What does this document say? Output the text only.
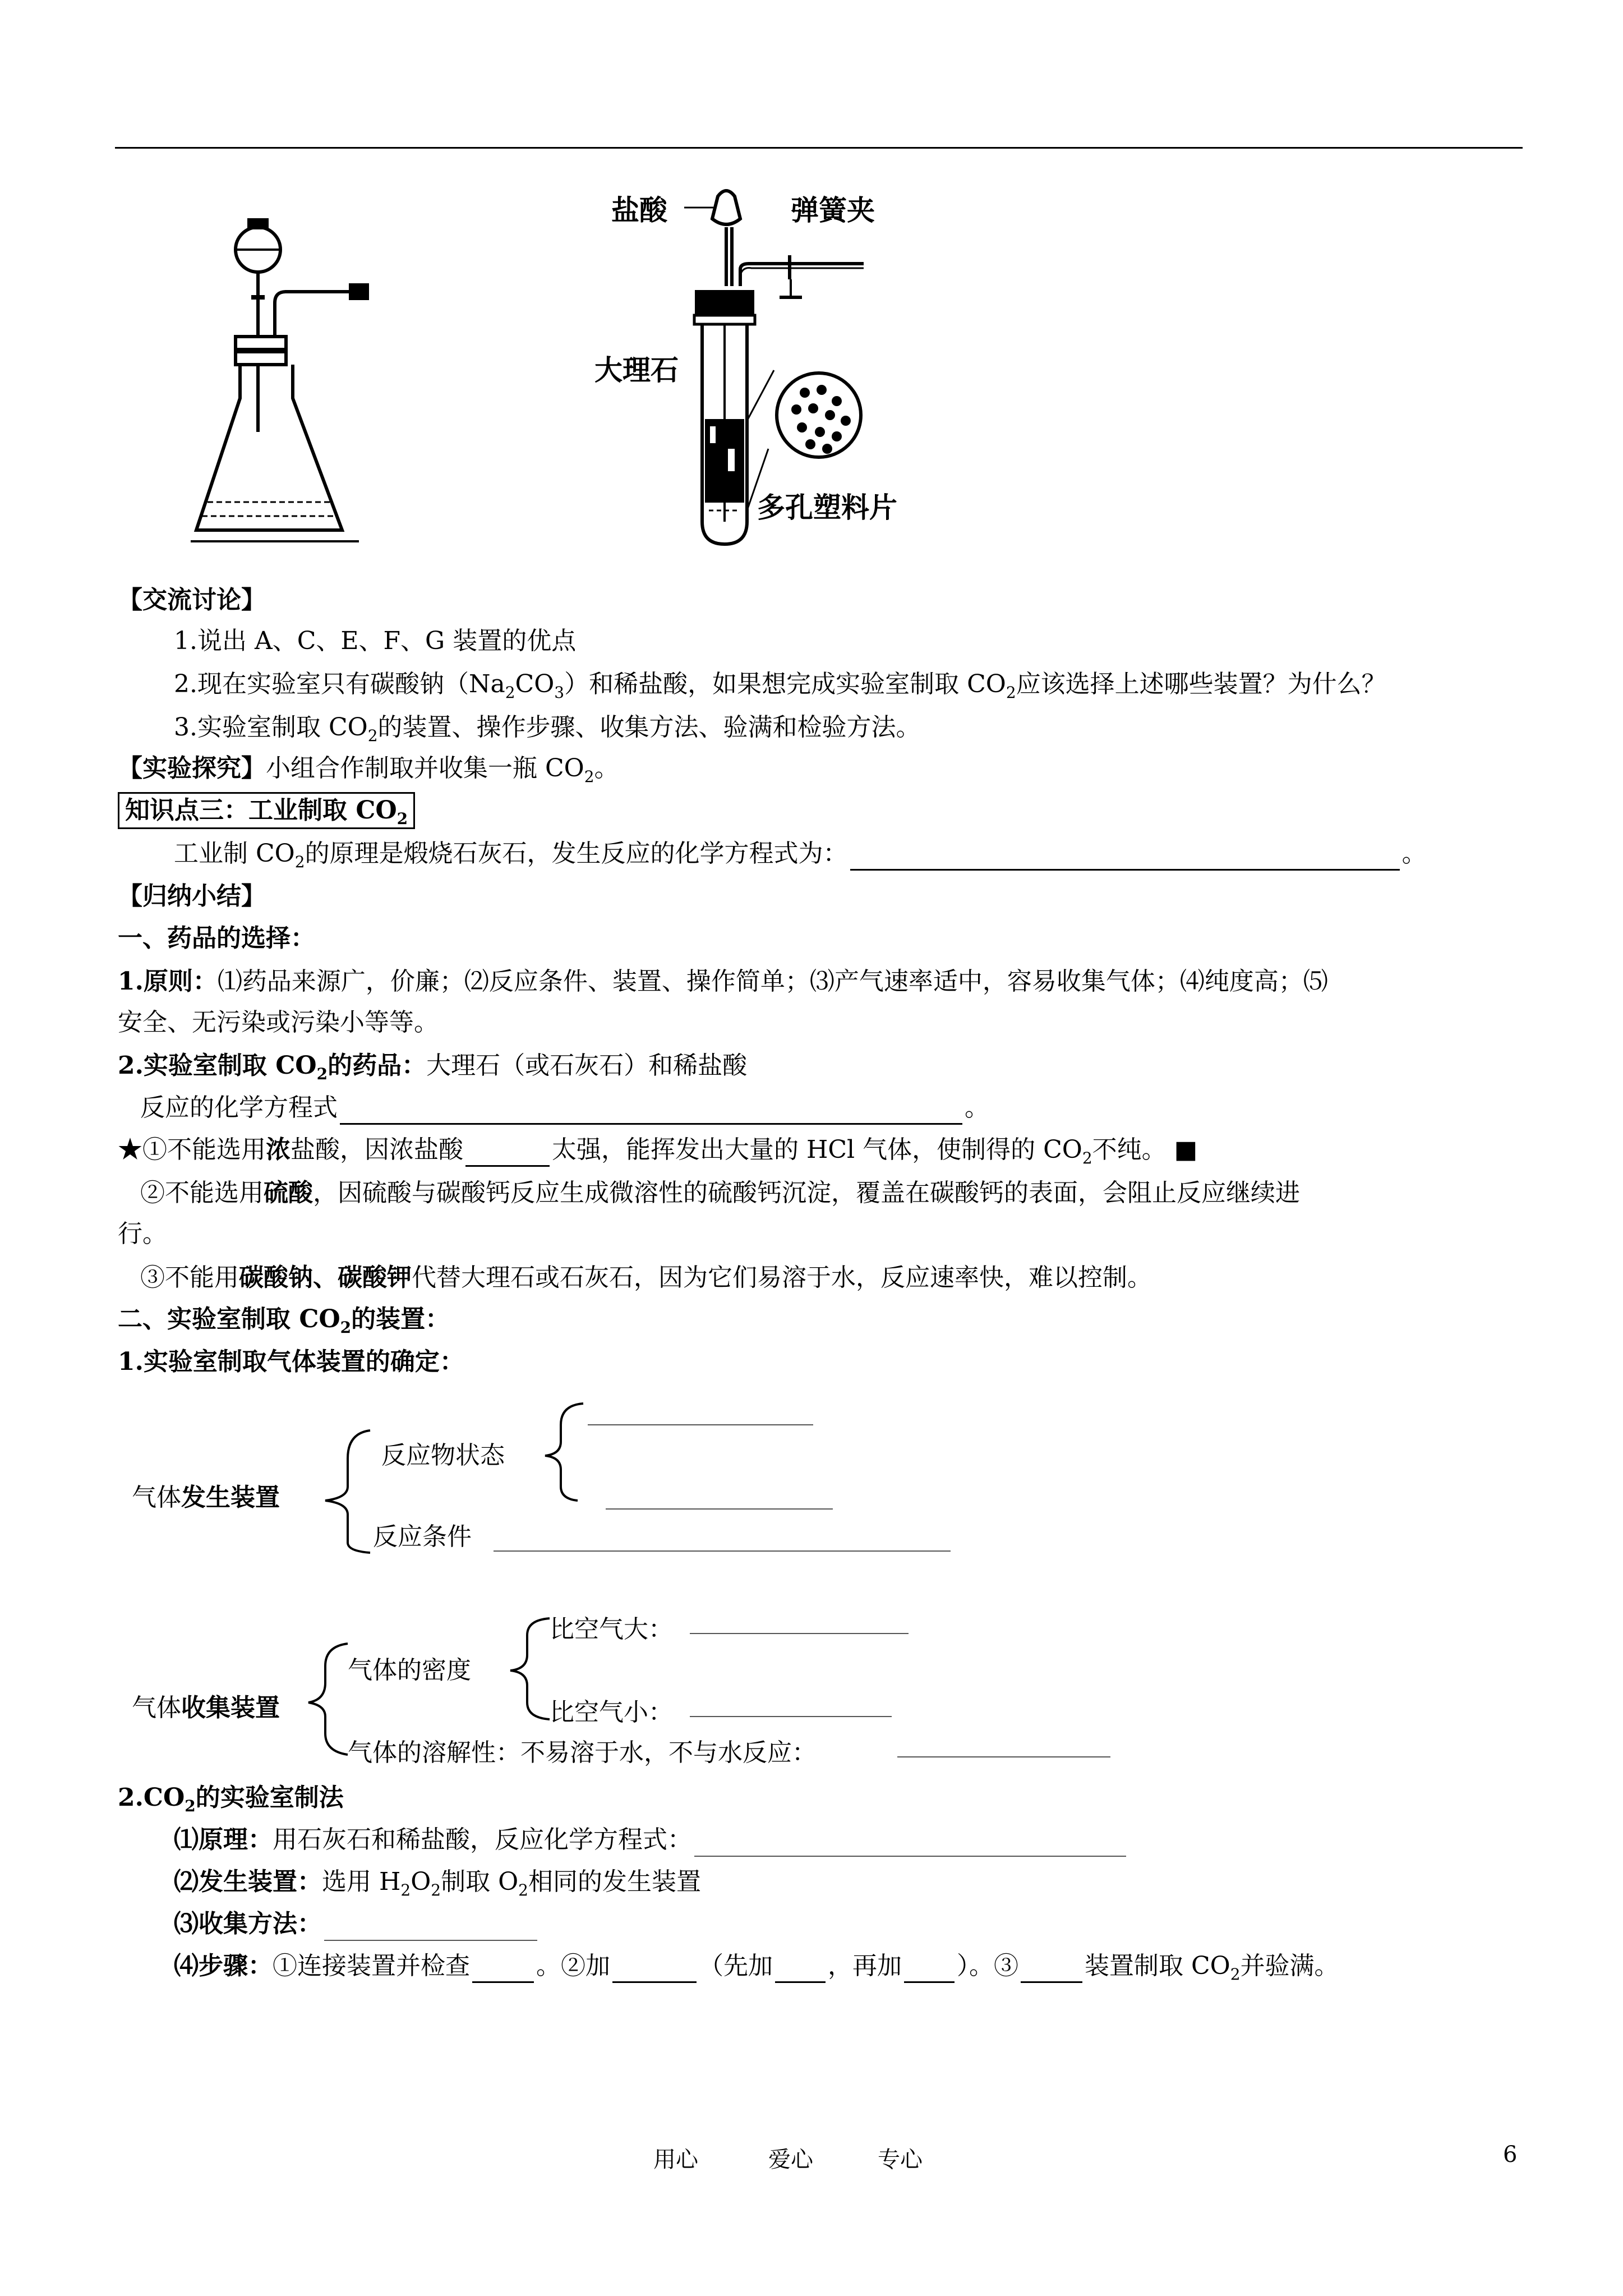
盐酸	弹簧夹
大理石
多孔塑料片
【交流讨论】
1.说出 A、C、E、F、G 装置的优点
2.现在实验室只有碳酸钠$(Na_2CO_3)$和稀盐酸，如果想完成实验室制取 $CO_2$应该选择上述哪些装置？为什么？
3.实验室制取 $CO_2$的装置、操作步骤、收集方法、验满和检验方法。
【实验探究】小组合作制取并收集一瓶 $CO_2$。
知识点三：工业制取 $CO_2$
工业制 $CO_2$的原理是煅烧石灰石，发生反应的化学方程式为：	。
【归纳小结】
一、药品的选择：
1.原则：⑴药品来源广，价廉；⑵反应条件、装置、操作简单；⑶产气速率适中，容易收集气体；⑷纯度高；⑸
安全、无污染或污染小等等。
2.实验室制取 $CO_2$的药品：大理石（或石灰石）和稀盐酸
反应的化学方程式	。
★①不能选用浓盐酸，因浓盐酸	太强，能挥发出大量的 HCl 气体，使制得的 $CO_2$不纯。 ■
②不能选用硫酸，因硫酸与碳酸钙反应生成微溶性的硫酸钙沉淀，覆盖在碳酸钙的表面，会阻止反应继续进
行。
③不能用碳酸钠、碳酸钾代替大理石或石灰石，因为它们易溶于水，反应速率快，难以控制。
二、实验室制取 $CO_2$的装置：
1.实验室制取气体装置的确定：
气体发生装置
反应物状态
反应条件
气体收集装置
气体的密度
比空气大：
比空气小：
气体的溶解性：不易溶于水，不与水反应：
$2.CO_2$的实验室制法
⑴原理：用石灰石和稀盐酸，反应化学方程式：
⑵发生装置：选用 $H_2O_2$制取 $O_2$相同的发生装置
⑶收集方法：
⑷步骤：①连接装置并检查	。②加	（先加 ，再加 ）。③	装置制取 $CO_2$并验满。
用心	爱心	专心	6
